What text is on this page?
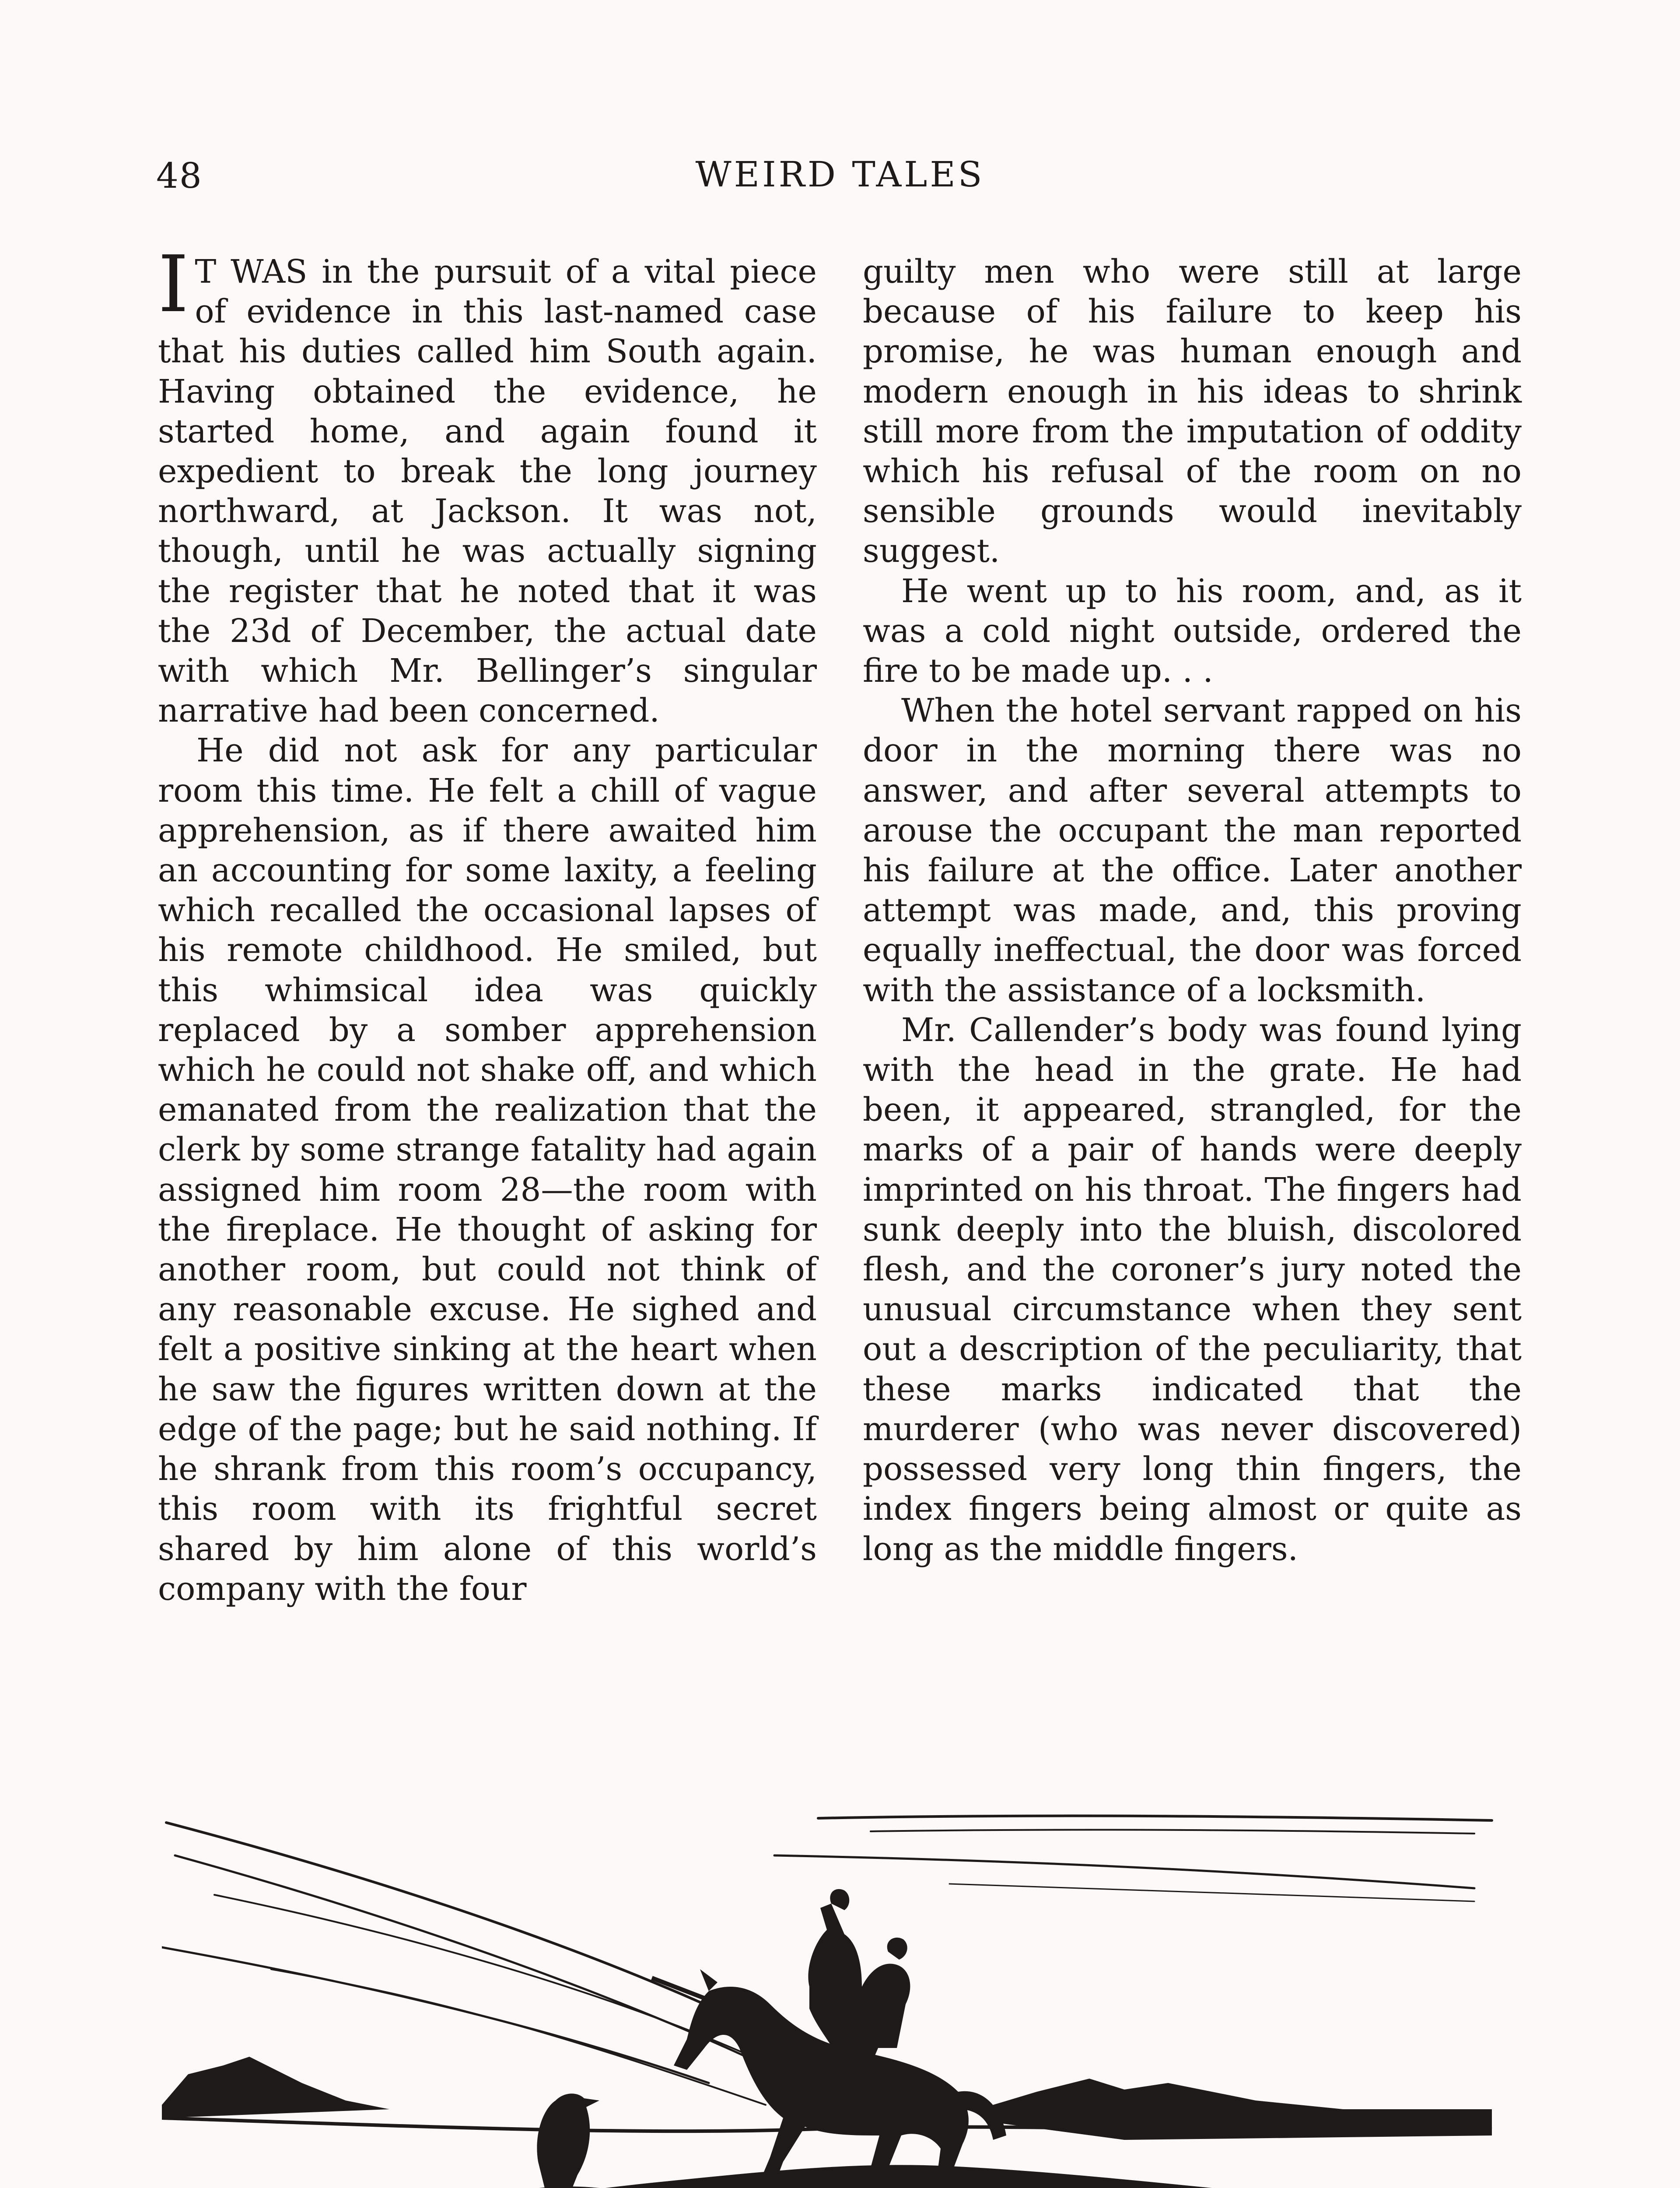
48	WEIRD TALES

I T WAS in the pursuit of a vital piece of evidence in this last-named case that his duties called him South again. Having obtained the evidence, he started home, and again found it expedient to break the long journey northward, at Jackson. It was not, though, until he was actually signing the register that he noted that it was the 23d of December, the actual date with which Mr. Bellinger’s singular narrative had been concerned.

He did not ask for any particular room this time. He felt a chill of vague apprehension, as if there awaited him an accounting for some laxity, a feeling which recalled the occasional lapses of his remote childhood. He smiled, but this whimsical idea was quickly replaced by a somber apprehension which he could not shake off, and which emanated from the realization that the clerk by some strange fatality had again assigned him room 28—the room with the fireplace. He thought of asking for another room, but could not think of any reasonable excuse. He sighed and felt a positive sinking at the heart when he saw the figures written down at the edge of the page; but he said nothing. If he shrank from this room’s occupancy, this room with its frightful secret shared by him alone of this world’s company with the four

guilty men who were still at large because of his failure to keep his promise, he was human enough and modern enough in his ideas to shrink still more from the imputation of oddity which his refusal of the room on no sensible grounds would inevitably suggest.

He went up to his room, and, as it was a cold night outside, ordered the fire to be made up. . .

When the hotel servant rapped on his door in the morning there was no answer, and after several attempts to arouse the occupant the man reported his failure at the office. Later another attempt was made, and, this proving equally ineffectual, the door was forced with the assistance of a locksmith.

Mr. Callender’s body was found lying with the head in the grate. He had been, it appeared, strangled, for the marks of a pair of hands were deeply imprinted on his throat. The fingers had sunk deeply into the bluish, discolored flesh, and the coroner’s jury noted the unusual circumstance when they sent out a description of the peculiarity, that these marks indicated that the murderer (who was never discovered) possessed very long thin fingers, the index fingers being almost or quite as long as the middle fingers.
